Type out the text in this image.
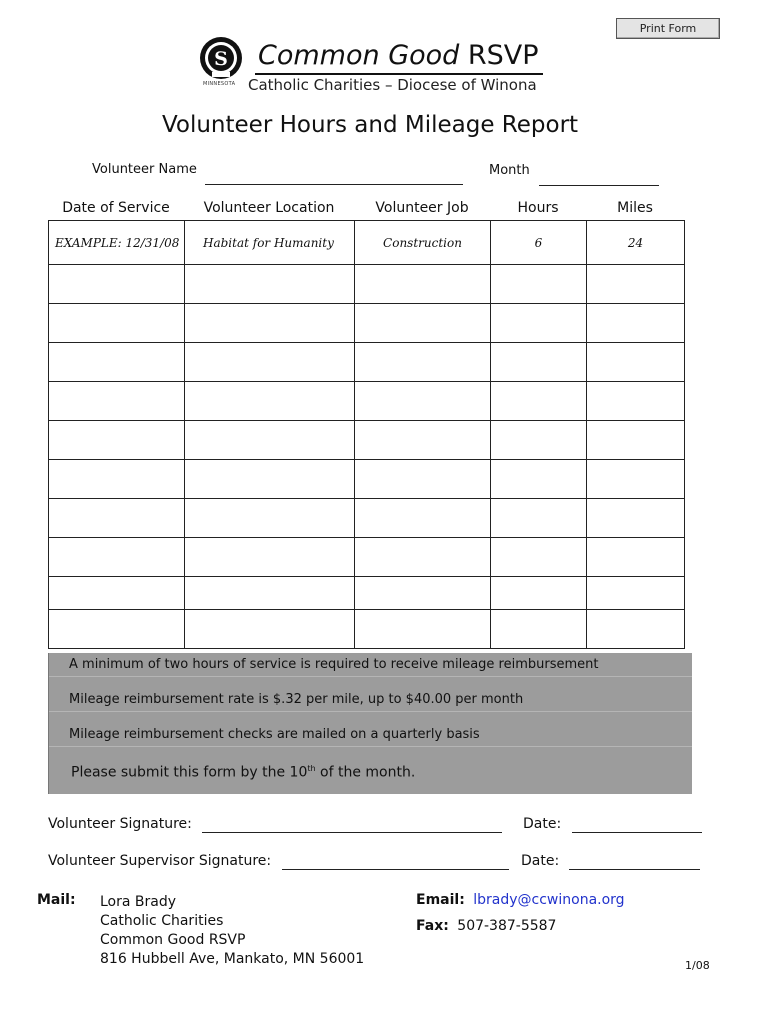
Print Form
S
MINNESOTA
Common Good RSVP
Catholic Charities – Diocese of Winona
Volunteer Hours and Mileage Report
Volunteer Name	Month
Date of Service	Volunteer Location	Volunteer Job	Hours	Miles
EXAMPLE: 12/31/08	Habitat for Humanity	Construction	6	24

A minimum of two hours of service is required to receive mileage reimbursement
Mileage reimbursement rate is $.32 per mile, up to $40.00 per month
Mileage reimbursement checks are mailed on a quarterly basis
Please submit this form by the 10th of the month.
Volunteer Signature:	Date:
Volunteer Supervisor Signature:	Date:
Mail: Lora Brady
Catholic Charities
Common Good RSVP
816 Hubbell Ave, Mankato, MN 56001
Email: lbrady@ccwinona.org
Fax: 507-387-5587
1/08
